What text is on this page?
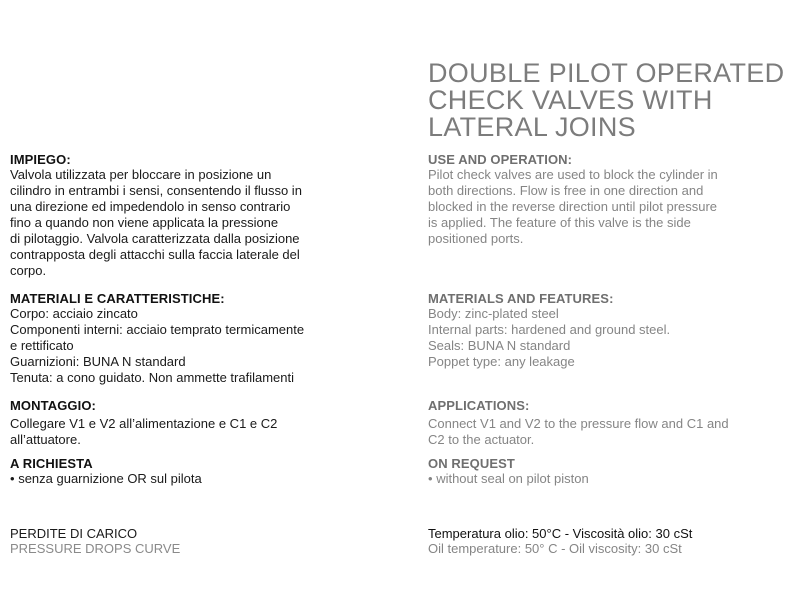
DOUBLE PILOT OPERATED
CHECK VALVES WITH
LATERAL JOINS
IMPIEGO:
Valvola utilizzata per bloccare in posizione un
cilindro in entrambi i sensi, consentendo il flusso in
una direzione ed impedendolo in senso contrario
fino a quando non viene applicata la pressione
di pilotaggio. Valvola caratterizzata dalla posizione
contrapposta degli attacchi sulla faccia laterale del
corpo.
USE AND OPERATION:
Pilot check valves are used to block the cylinder in
both directions. Flow is free in one direction and
blocked in the reverse direction until pilot pressure
is applied. The feature of this valve is the side
positioned ports.
MATERIALI E CARATTERISTICHE:
Corpo: acciaio zincato
Componenti interni: acciaio temprato termicamente
e rettificato
Guarnizioni: BUNA N standard
Tenuta: a cono guidato. Non ammette trafilamenti
MATERIALS AND FEATURES:
Body: zinc-plated steel
Internal parts: hardened and ground steel.
Seals: BUNA N standard
Poppet type: any leakage
MONTAGGIO:
Collegare V1 e V2 all’alimentazione e C1 e C2
all’attuatore.
APPLICATIONS:
Connect V1 and V2 to the pressure flow and C1 and
C2 to the actuator.
A RICHIESTA
• senza guarnizione OR sul pilota
ON REQUEST
• without seal on pilot piston
PERDITE DI CARICO
PRESSURE DROPS CURVE
Temperatura olio: 50°C - Viscosità olio: 30 cSt
Oil temperature: 50° C - Oil viscosity: 30 cSt
